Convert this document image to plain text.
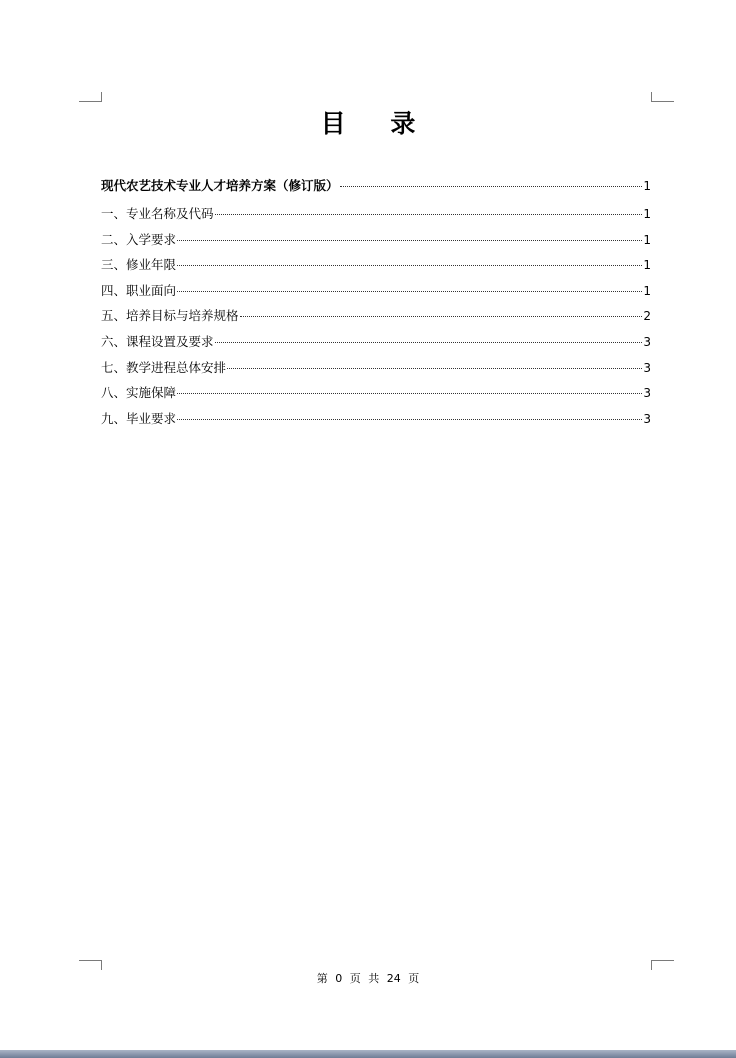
目 录
现代农艺技术专业人才培养方案（修订版）	1
一、专业名称及代码	1
二、入学要求	1
三、修业年限	1
四、职业面向	1
五、培养目标与培养规格	2
六、课程设置及要求	3
七、教学进程总体安排	3
八、实施保障	3
九、毕业要求	3
第 0 页 共 24 页
